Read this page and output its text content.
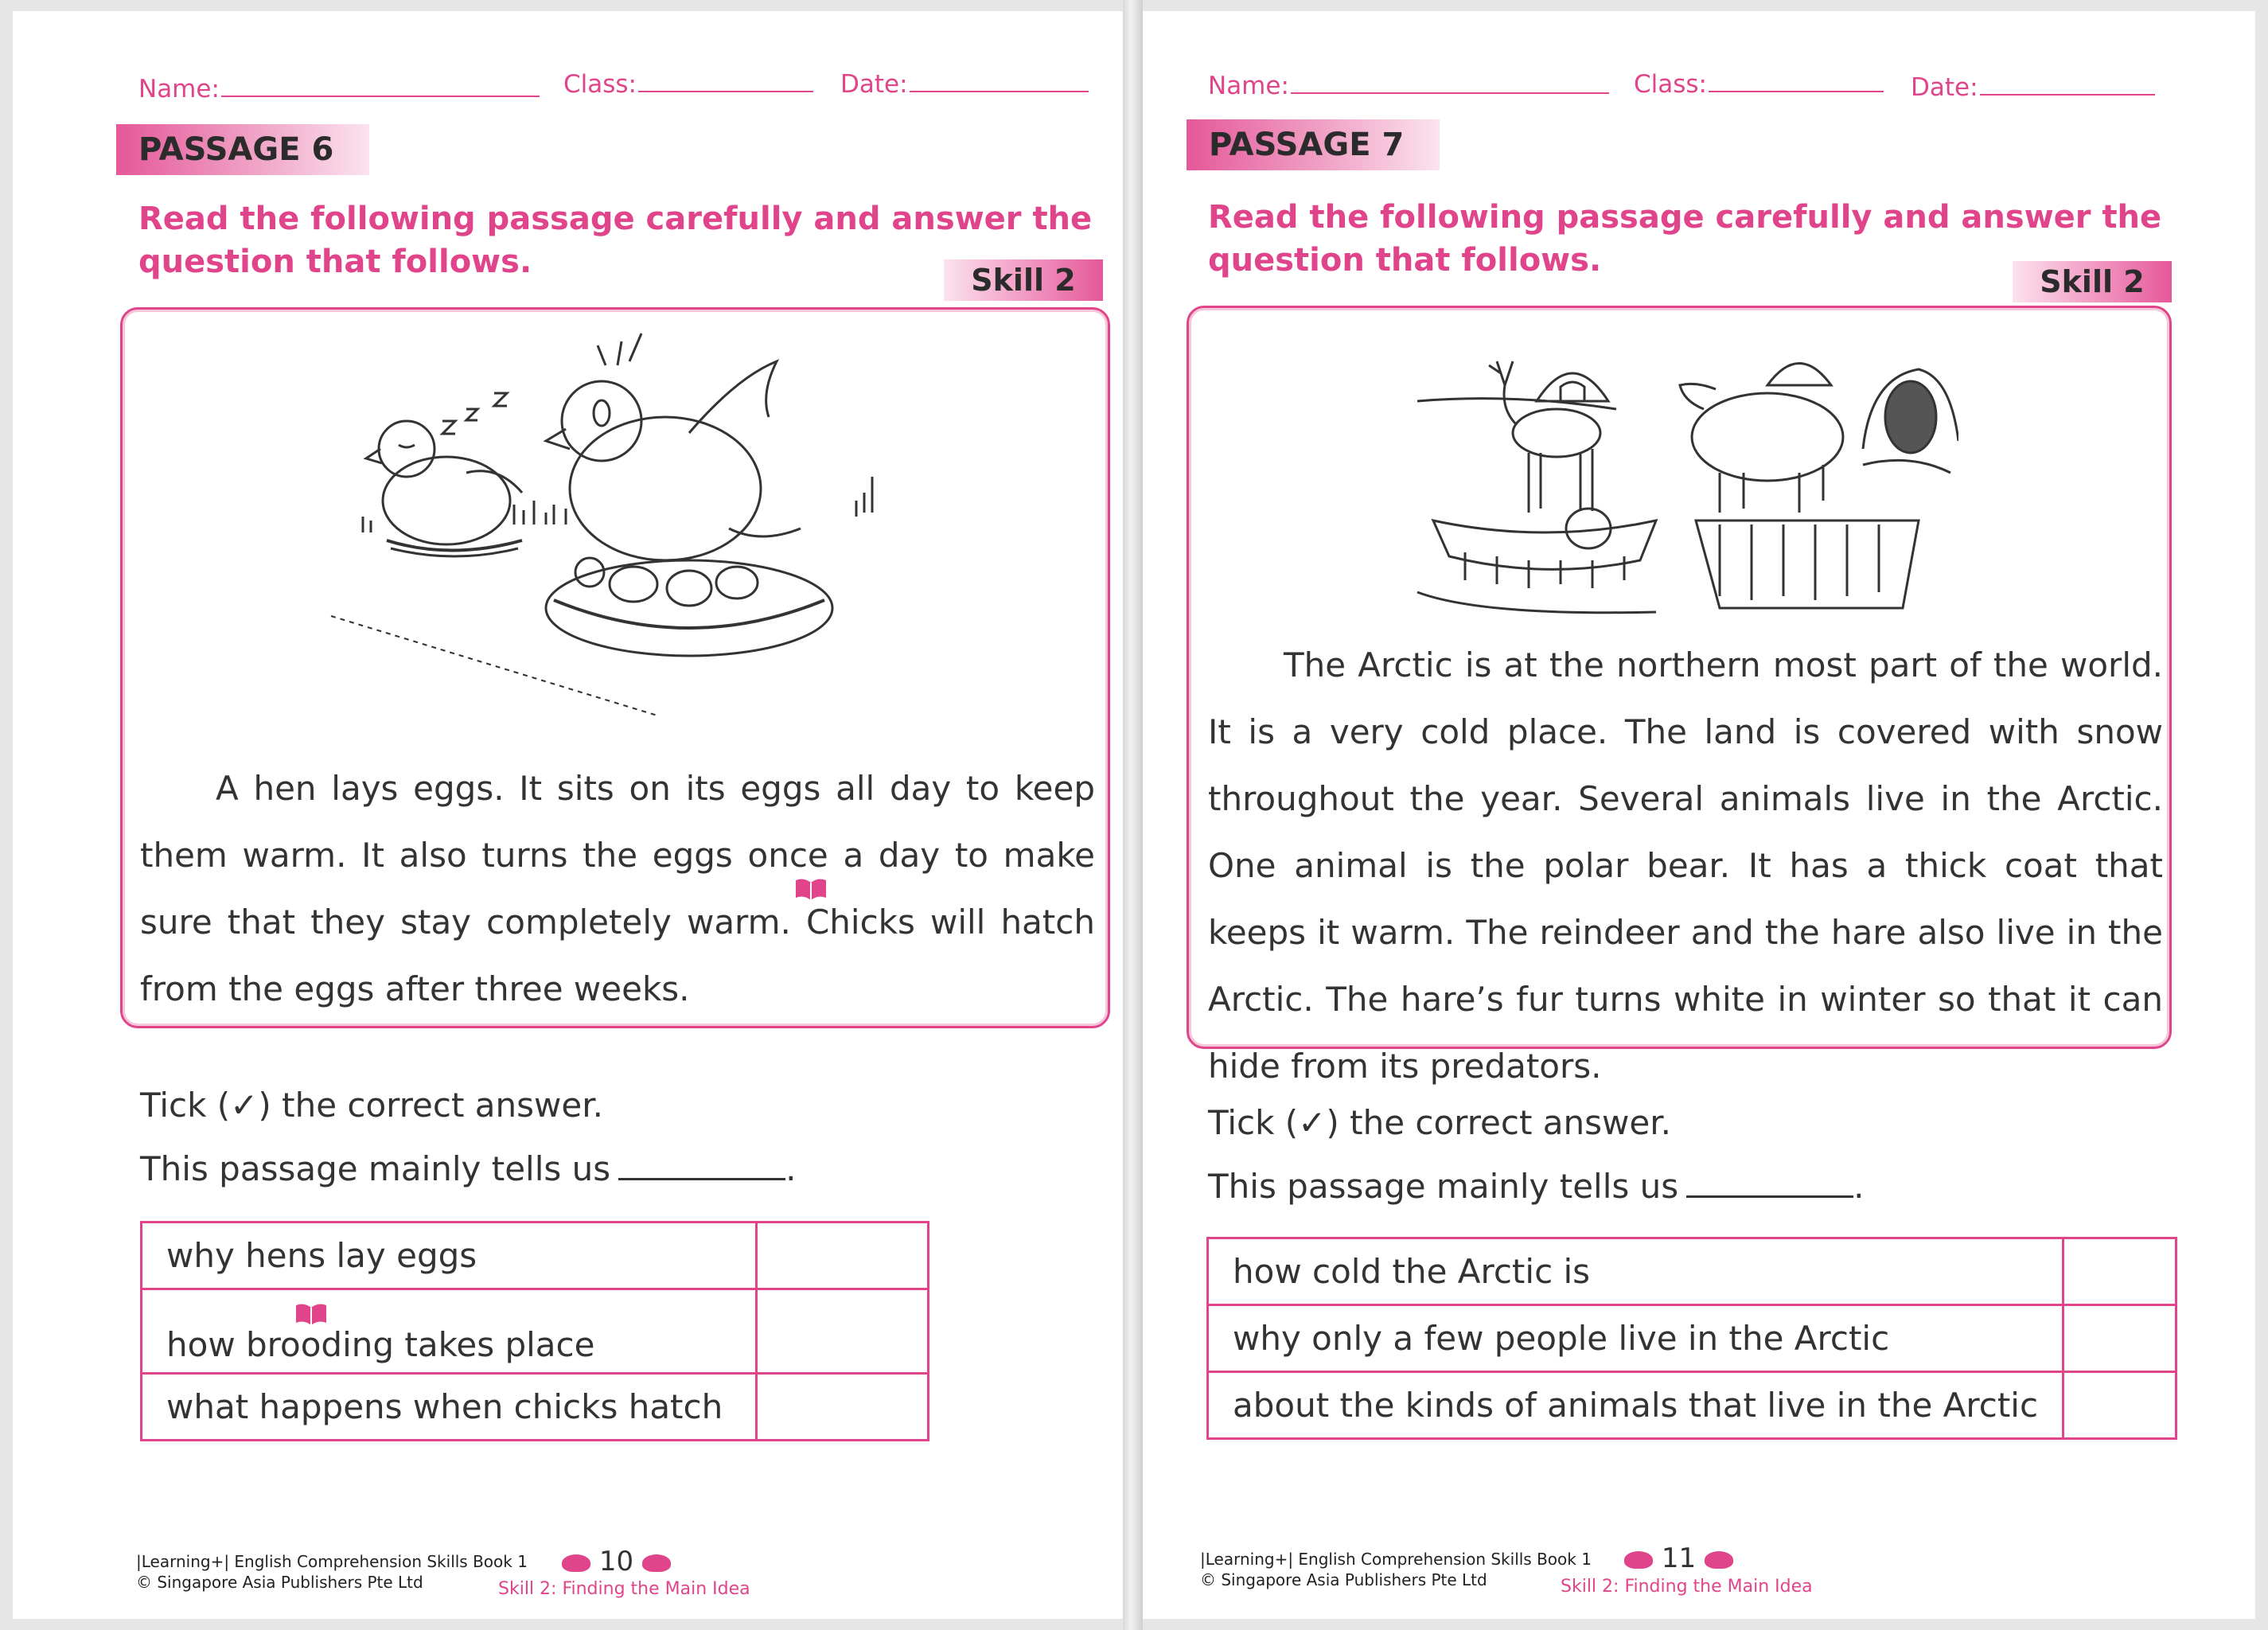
Name:	Class:	Date:
PASSAGE 6
Read the following passage carefully and answer the question that follows.	Skill 2
A hen lays eggs. It sits on its eggs all day to keep them warm. It also turns the eggs once a day to make sure that they stay completely warm. Chicks will hatch from the eggs after three weeks.
Tick (✓) the correct answer.
This passage mainly tells us	.
why hens lay eggs	
how brooding takes place	
what happens when chicks hatch	
|Learning+| English Comprehension Skills Book 1
© Singapore Asia Publishers Pte Ltd
10
Skill 2: Finding the Main Idea
Name:	Class:	Date:
PASSAGE 7
Read the following passage carefully and answer the question that follows.
Skill 2
The Arctic is at the northern most part of the world. It is a very cold place. The land is covered with snow throughout the year. Several animals live in the Arctic. One animal is the polar bear. It has a thick coat that keeps it warm. The reindeer and the hare also live in the Arctic. The hare’s fur turns white in winter so that it can hide from its predators.
Tick (✓) the correct answer.
This passage mainly tells us	.
how cold the Arctic is	
why only a few people live in the Arctic	
about the kinds of animals that live in the Arctic	
|Learning+| English Comprehension Skills Book 1
© Singapore Asia Publishers Pte Ltd
11
Skill 2: Finding the Main Idea
